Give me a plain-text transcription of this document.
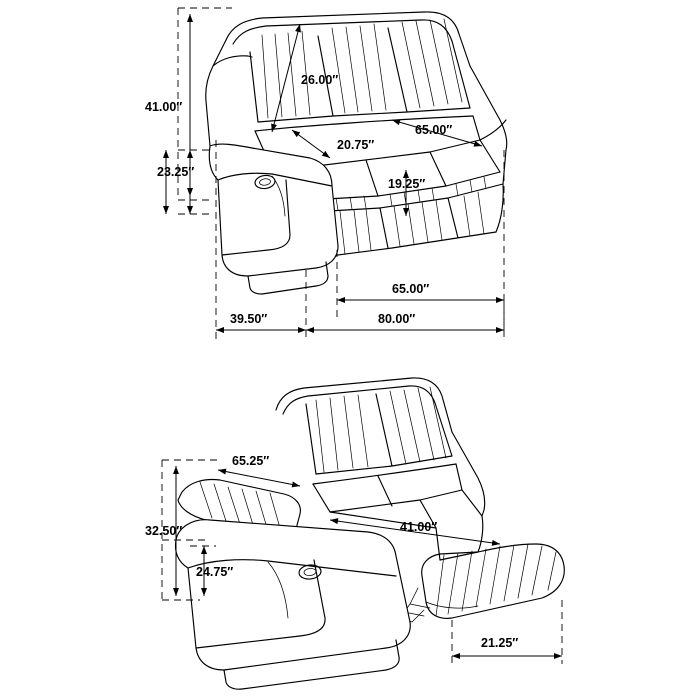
41.00″
26.00″
23.25″
20.75″
65.00″
19.25″
39.50″
65.00″
80.00″
65.25″
32.50″	41.00″
24.75″
21.25″
